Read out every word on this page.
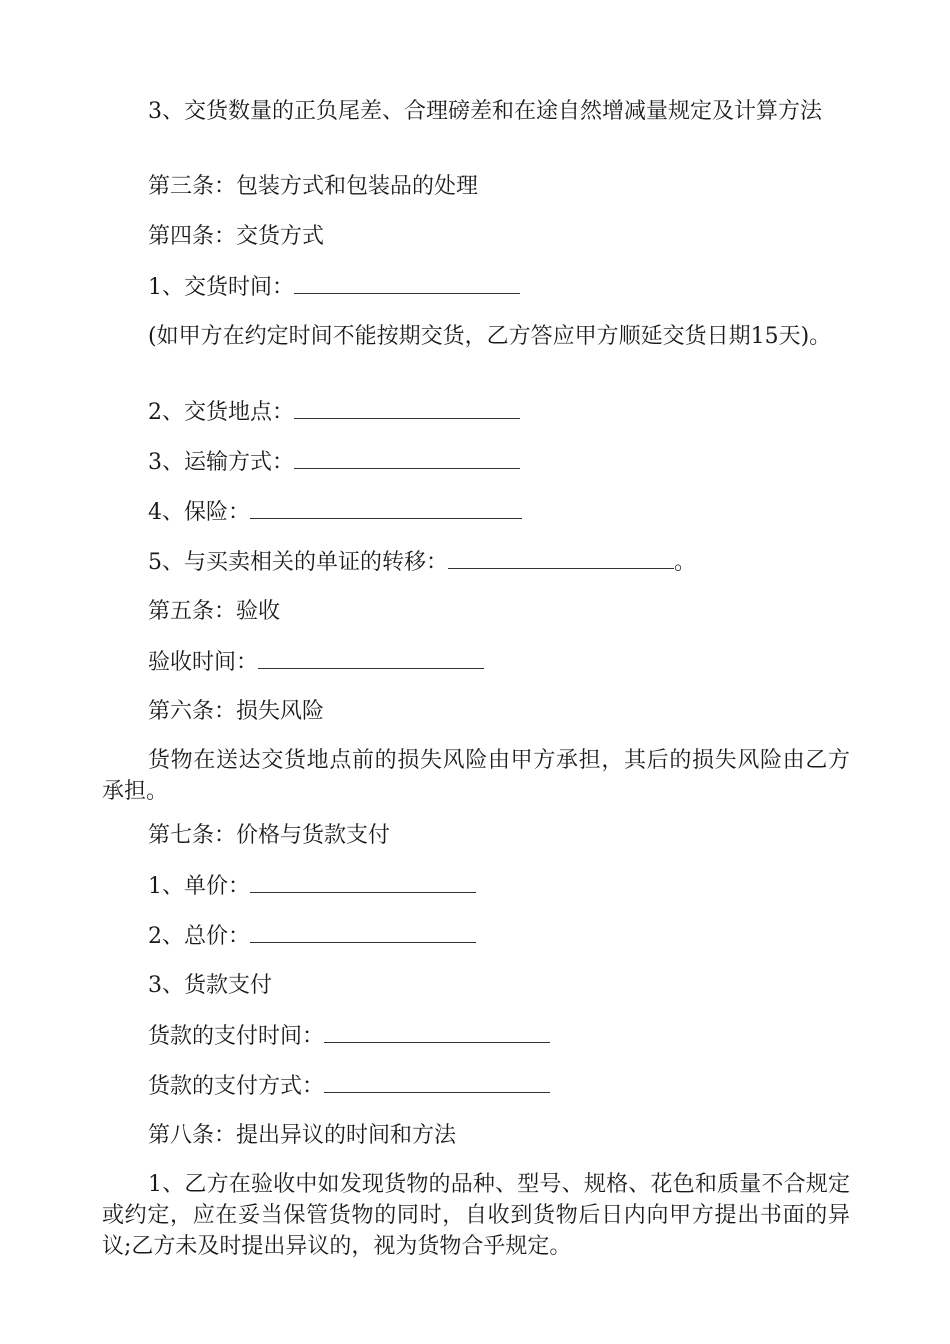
3、交货数量的正负尾差、合理磅差和在途自然增减量规定及计算方法

第三条：包装方式和包装品的处理

第四条：交货方式

1、交货时间：

(如甲方在约定时间不能按期交货，乙方答应甲方顺延交货日期15天)。

2、交货地点：

3、运输方式：

4、保险：

5、与买卖相关的单证的转移：	。

第五条：验收

验收时间：

第六条：损失风险

货物在送达交货地点前的损失风险由甲方承担，其后的损失风险由乙方承担。

第七条：价格与货款支付

1、单价：

2、总价：

3、货款支付

货款的支付时间：

货款的支付方式：

第八条：提出异议的时间和方法

1、乙方在验收中如发现货物的品种、型号、规格、花色和质量不合规定或约定，应在妥当保管货物的同时，自收到货物后日内向甲方提出书面的异议;乙方未及时提出异议的，视为货物合乎规定。
